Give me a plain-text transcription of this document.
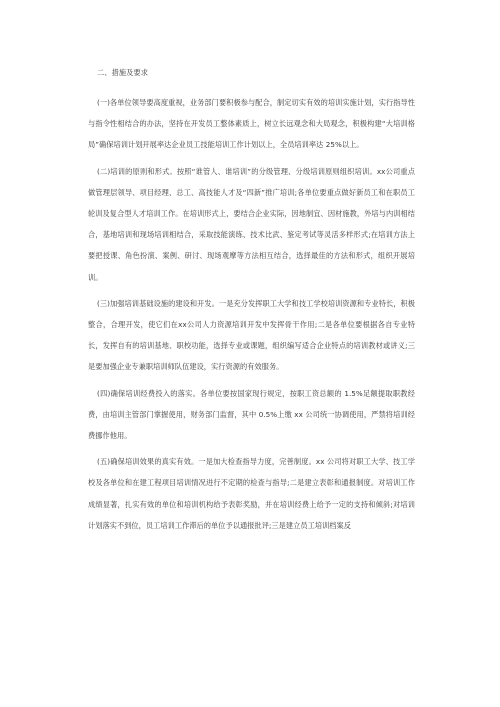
二、措施及要求

(一)各单位领导要高度重视，业务部门要积极参与配合，制定切实有效的培训实施计划，实行指导性与指令性相结合的办法，坚持在开发员工整体素质上，树立长远观念和大局观念，积极构建“大培训格局”确保培训计划开展率达企业员工技能培训工作计划以上，全员培训率达 25%以上。

(二)培训的原则和形式。按照“谁管人、谁培训”的分级管理、分级培训原则组织培训。xx公司重点做管理层领导、项目经理、总工、高技能人才及“四新”推广培训;各单位要重点做好新员工和在职员工轮训及复合型人才培训工作。在培训形式上，要结合企业实际，因地制宜、因材施教，外培与内训相结合，基地培训和现场培训相结合，采取技能演练、技术比武、鉴定考试等灵活多样形式;在培训方法上要把授课、角色扮演、案例、研讨、现场观摩等方法相互结合，选择最佳的方法和形式，组织开展培训。

(三)加强培训基础设施的建设和开发。一是充分发挥职工大学和技工学校培训资源和专业特长，积极整合，合理开发，使它们在xx公司人力资源培训开发中发挥骨干作用;二是各单位要根据各自专业特长，发挥自有的培训基地、职校功能，选择专业或课题，组织编写适合企业特点的培训教材或讲义;三是要加强企业专兼职培训师队伍建设，实行资源的有效服务。

(四)确保培训经费投入的落实。各单位要按国家现行规定，按职工资总额的 1.5%足额提取职教经费，由培训主管部门掌握使用，财务部门监督，其中 0.5%上缴 xx 公司统一协调使用，严禁将培训经费挪作他用。

(五)确保培训效果的真实有效。一是加大检查指导力度，完善制度。xx 公司将对职工大学、技工学校及各单位和在建工程项目培训情况进行不定期的检查与指导;二是建立表彰和通报制度。对培训工作成绩显著，扎实有效的单位和培训机构给予表彰奖励，并在培训经费上给予一定的支持和倾斜;对培训计划落实不到位，员工培训工作滞后的单位予以通报批评;三是建立员工培训档案反
